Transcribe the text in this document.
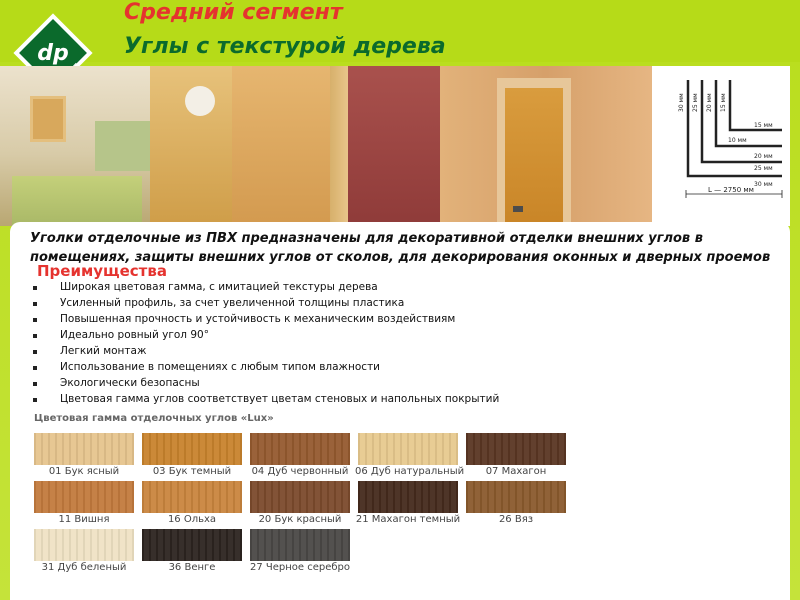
dp
Средний сегмент
Углы с текстурой дерева
30 мм 25 мм 20 мм 15 мм
15 мм
10 мм
20 мм
25 мм
30 мм
L — 2750 мм
Уголки отделочные из ПВХ предназначены для декоративной отделки внешних углов в помещениях, защиты внешних углов от сколов, для декорирования оконных и дверных проемов
Преимущества
Широкая цветовая гамма, с имитацией текстуры дерева
Усиленный профиль, за счет увеличенной толщины пластика
Повышенная прочность и устойчивость к механическим воздействиям
Идеально ровный угол 90°
Легкий монтаж
Использование в помещениях с любым типом влажности
Экологически безопасны
Цветовая гамма углов соответствует цветам стеновых и напольных покрытий
Цветовая гамма отделочных углов «Lux»
01 Бук ясный	03 Бук темный	04 Дуб червонный 06 Дуб натуральный	07 Махагон
11 Вишня	16 Ольха	20 Бук красный	21 Махагон темный	26 Вяз
31 Дуб беленый	36 Венге	27 Черное серебро
